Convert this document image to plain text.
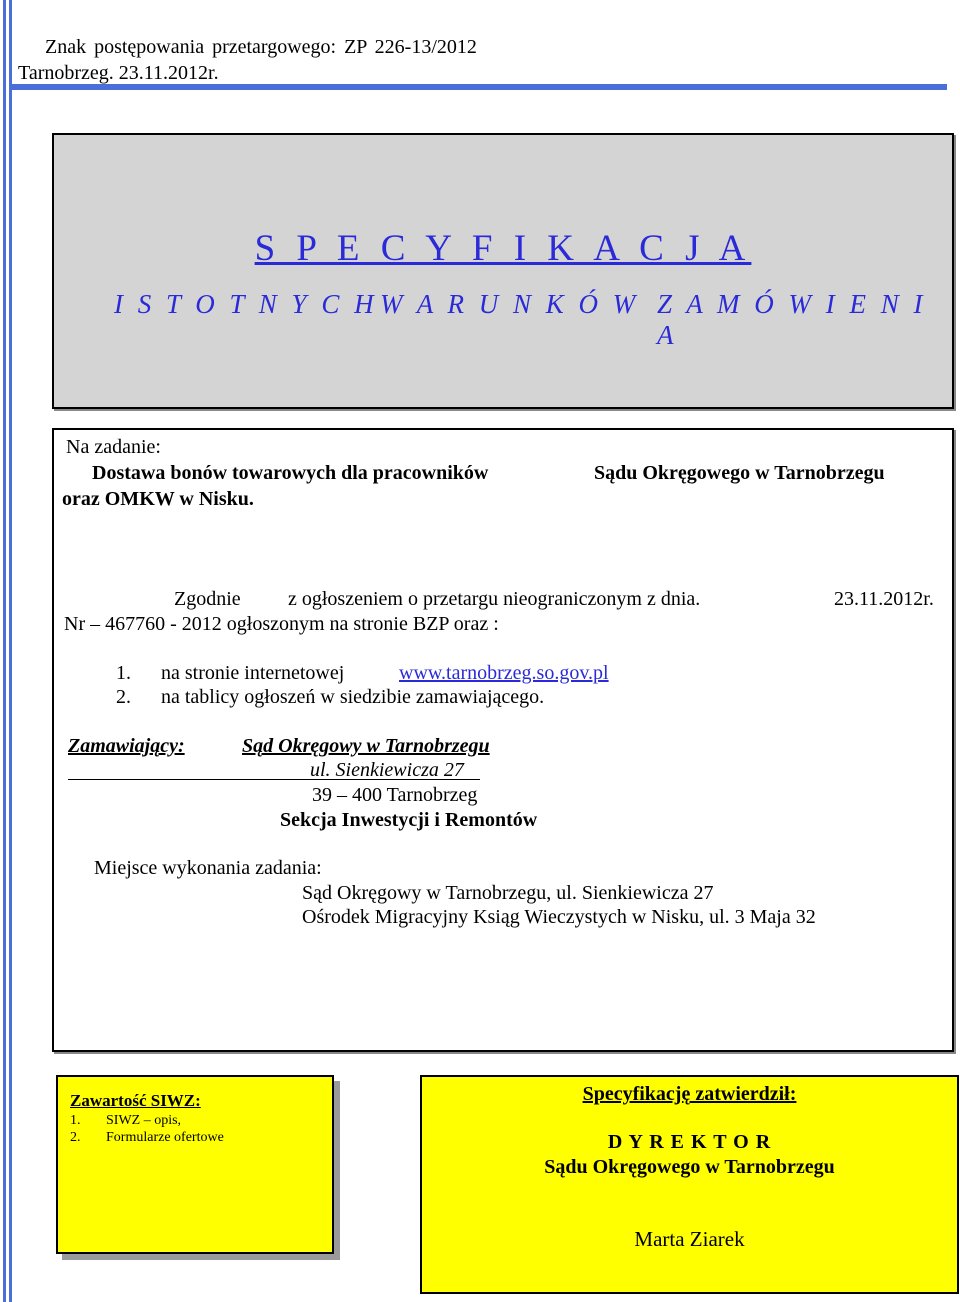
Znak postępowania przetargowego: ZP 226-13/2012
Tarnobrzeg. 23.11.2012r.
S P E C Y F I K A C J A
I S T O T N Y C H W A R U N K Ó W Z A M Ó W I E N I A
Na zadanie:
Dostawa bonów towarowych dla pracowników	Sądu Okręgowego w Tarnobrzegu
oraz OMKW w Nisku.
Zgodnie z ogłoszeniem o przetargu nieograniczonym z dnia.	23.11.2012r.
Nr – 467760 - 2012 ogłoszonym na stronie BZP oraz :
1. na stronie internetowej	www.tarnobrzeg.so.gov.pl
2. na tablicy ogłoszeń w siedzibie zamawiającego.
Zamawiający:	Sąd Okręgowy w Tarnobrzegu
ul. Sienkiewicza 27
39 – 400 Tarnobrzeg
Sekcja Inwestycji i Remontów
Miejsce wykonania zadania:
Sąd Okręgowy w Tarnobrzegu, ul. Sienkiewicza 27
Ośrodek Migracyjny Ksiąg Wieczystych w Nisku, ul. 3 Maja 32
Zawartość SIWZ:
1. SIWZ – opis,
2. Formularze ofertowe
Specyfikację zatwierdził:
D Y R E K T O R
Sądu Okręgowego w Tarnobrzegu
Marta Ziarek
